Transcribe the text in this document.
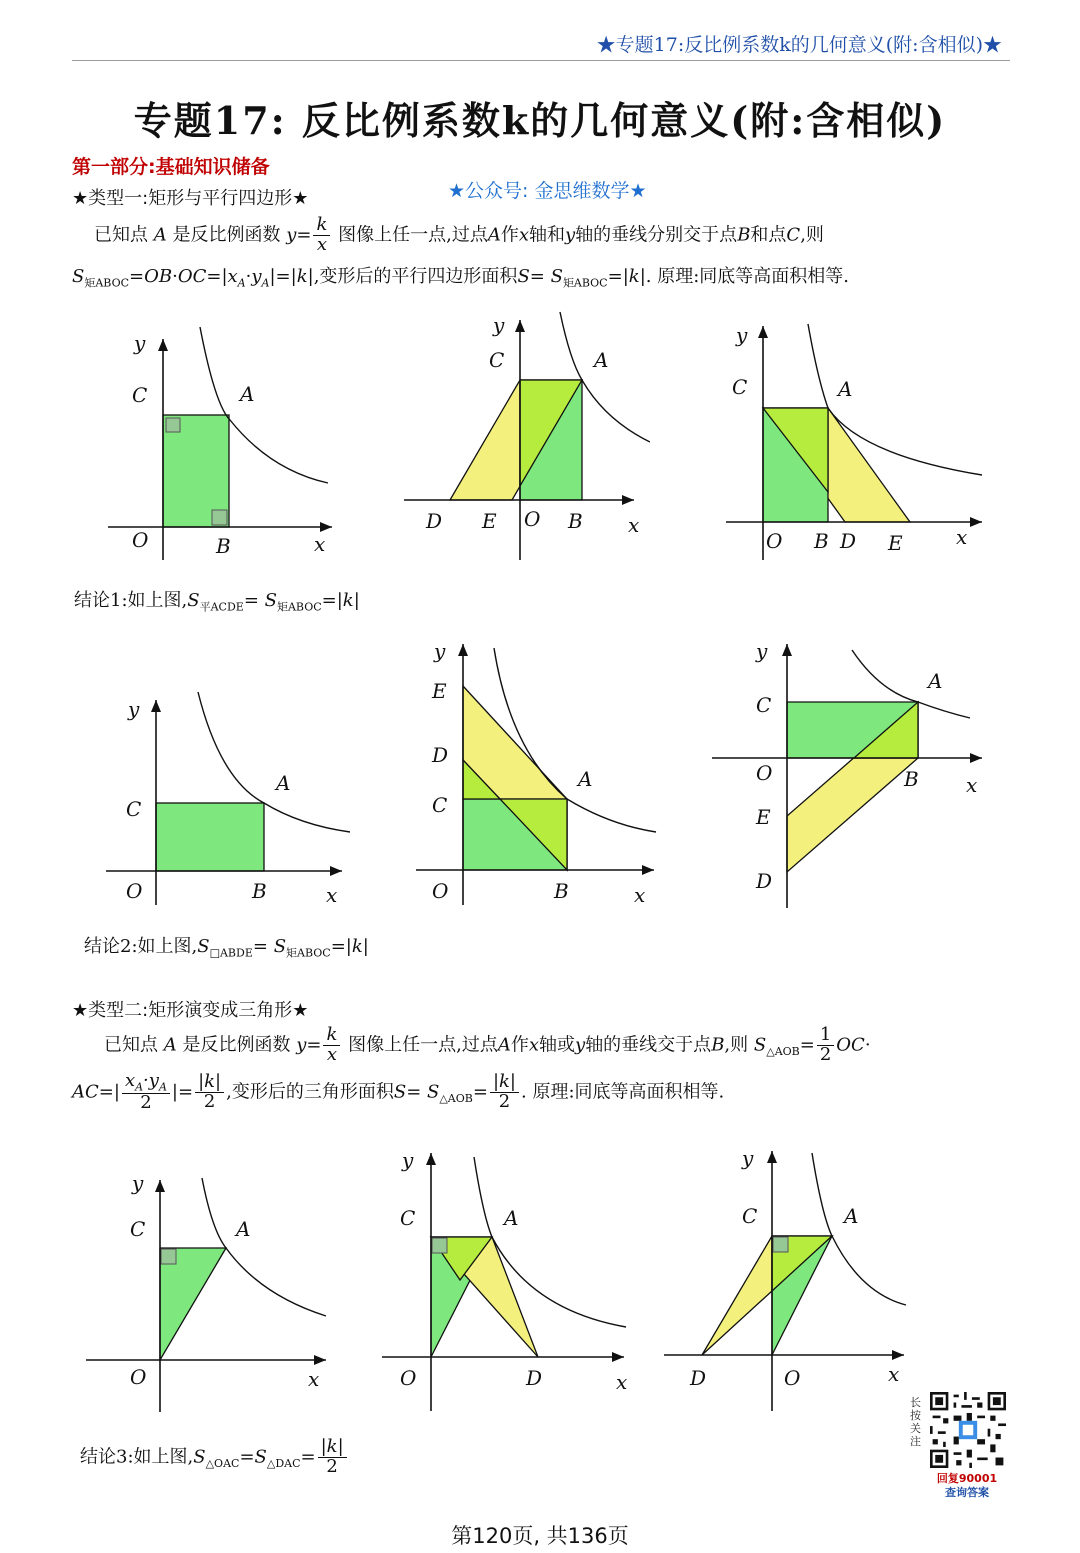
★专题17:反比例系数k的几何意义(附:含相似)★
专题17: 反比例系数k的几何意义(附:含相似)
第一部分:基础知识储备
★类型一:矩形与平行四边形★	★公众号: 金思维数学★
已知点 A 是反比例函数 $y= \frac{k}{x}$ 图像上任一点,过点A作x轴和y轴的垂线分别交于点B和点C,则
$S_{矩ABOC}=OB\cdot OC=|x_A\cdot y_A|=|k|$,变形后的平行四边形面积$S= S_{矩ABOC}=|k|$. 原理:同底等高面积相等.
y
C	A
O	B	x
y
C	A
D E O B x
y
C	A
O B D E	x
结论1:如上图$,S_{平ACDE}= S_{矩ABOC}=|k|$
y
C
A
O	B	x
y
E
D
C
A
O	B	x
y
C
A
O	B x
E
D
结论2:如上图$,S_{□ABDE}= S_{矩ABOC}=|k|$
★类型二:矩形演变成三角形★
已知点 A 是反比例函数 $y= \frac{k}{x}$ 图像上任一点,过点A作x轴或y轴的垂线交于点B,则 $S_{\triangle AOB}= \frac{1}{2} OC\cdot$
$AC=| \frac{x_A\cdot y_A}{2}$ |= $\frac{|k|}{2}$ ,变形后的三角形面积$S= S_{\triangle AOB}= \frac{|k|}{2}$ . 原理:同底等高面积相等.
y
C	A
O	x
y
C	A
O	D	x
y
C	A
D	O	x
结论3:如上图$,S_{\triangle OAC}=S_{\triangle DAC}= \frac{|k|}{2}$
长按关注
回复90001
查询答案
第120页, 共136页
